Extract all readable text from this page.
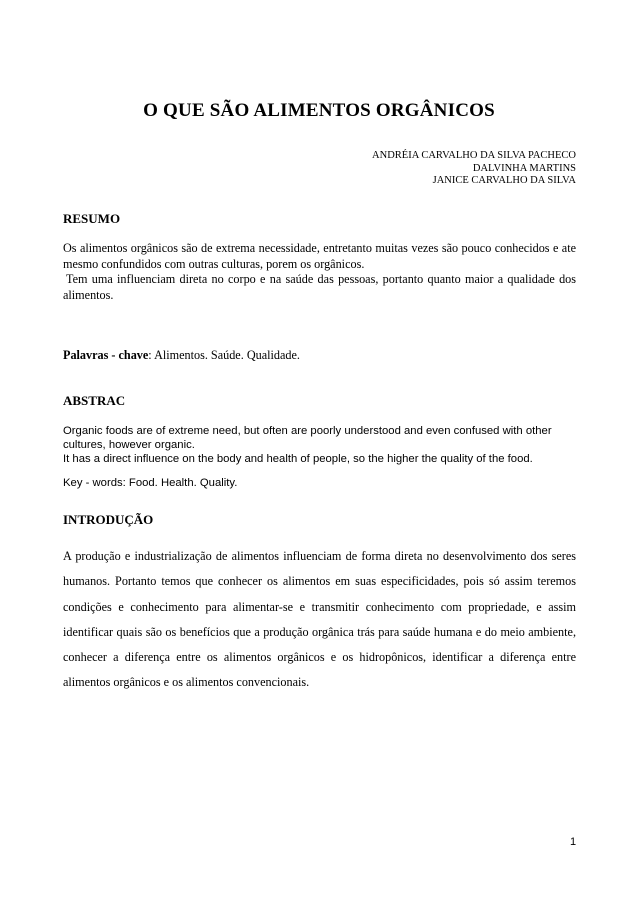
O QUE SÃO ALIMENTOS ORGÂNICOS
ANDRÉIA CARVALHO DA SILVA PACHECO
DALVINHA MARTINS
JANICE CARVALHO DA SILVA
RESUMO
Os alimentos orgânicos são de extrema necessidade, entretanto muitas vezes são pouco conhecidos e ate mesmo confundidos com outras culturas, porem os orgânicos.
Tem uma influenciam direta no corpo e na saúde das pessoas, portanto quanto maior a qualidade dos alimentos.
Palavras - chave: Alimentos. Saúde. Qualidade.
ABSTRAC
Organic foods are of extreme need, but often are poorly understood and even confused with other cultures, however organic.
It has a direct influence on the body and health of people, so the higher the quality of the food.
Key - words: Food. Health. Quality.
INTRODUÇÃO
A produção e industrialização de alimentos influenciam de forma direta no desenvolvimento dos seres humanos. Portanto temos que conhecer os alimentos em suas especificidades, pois só assim teremos condições e conhecimento para alimentar-se e transmitir conhecimento com propriedade, e assim identificar quais são os benefícios que a produção orgânica trás para saúde humana e do meio ambiente, conhecer a diferença entre os alimentos orgânicos e os hidropônicos, identificar a diferença entre alimentos orgânicos e os alimentos convencionais.
1
